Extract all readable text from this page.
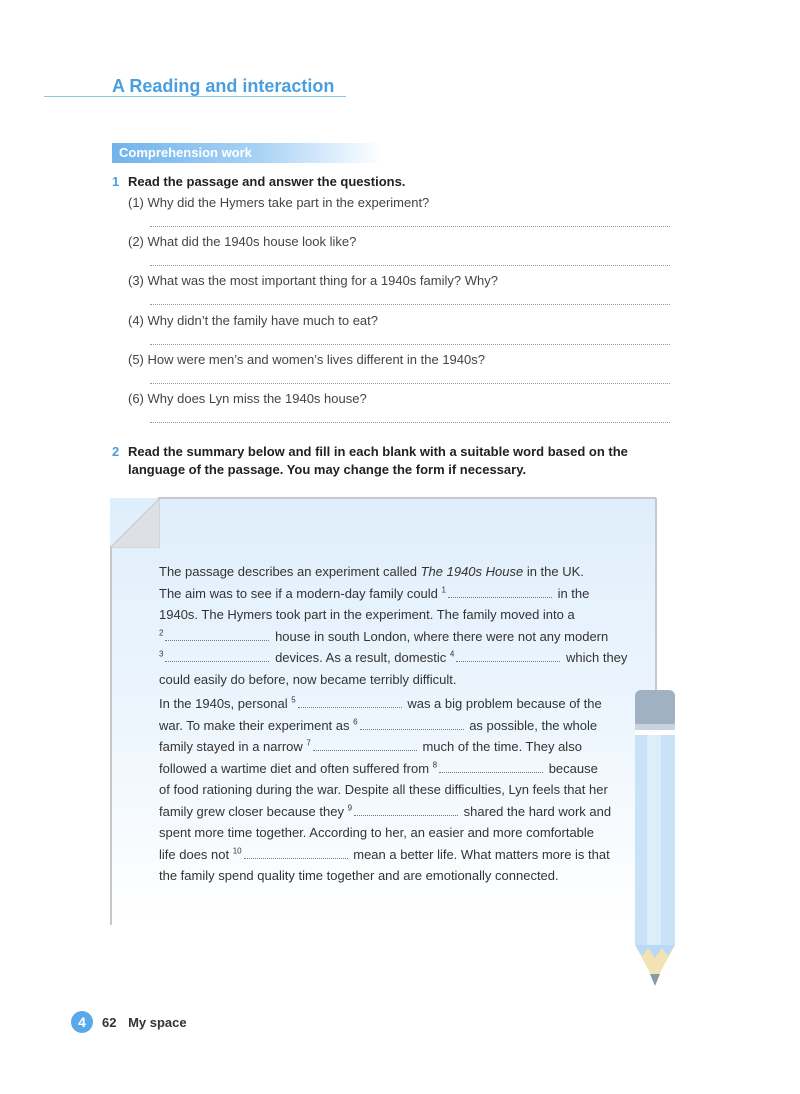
A Reading and interaction
Comprehension work
1 Read the passage and answer the questions.
(1) Why did the Hymers take part in the experiment?
(2) What did the 1940s house look like?
(3) What was the most important thing for a 1940s family? Why?
(4) Why didn’t the family have much to eat?
(5) How were men’s and women’s lives different in the 1940s?
(6) Why does Lyn miss the 1940s house?
2 Read the summary below and fill in each blank with a suitable word based on the
language of the passage. You may change the form if necessary.
The passage describes an experiment called The 1940s House in the UK.
The aim was to see if a modern-day family could $^1$	in the
1940s. The Hymers took part in the experiment. The family moved into a
$^2$	house in south London, where there were not any modern
$^3$	devices. As a result, domestic $^4$	which they
could easily do before, now became terribly difficult.
In the 1940s, personal $^5$	was a big problem because of the
war. To make their experiment as $^6$	as possible, the whole
family stayed in a narrow $^7$	much of the time. They also
followed a wartime diet and often suffered from $^8$	because
of food rationing during the war. Despite all these difficulties, Lyn feels that her
family grew closer because they $^9$	shared the hard work and
spent more time together. According to her, an easier and more comfortable
life does not $^{10}$	mean a better life. What matters more is that
the family spend quality time together and are emotionally connected.
4	62 My space
